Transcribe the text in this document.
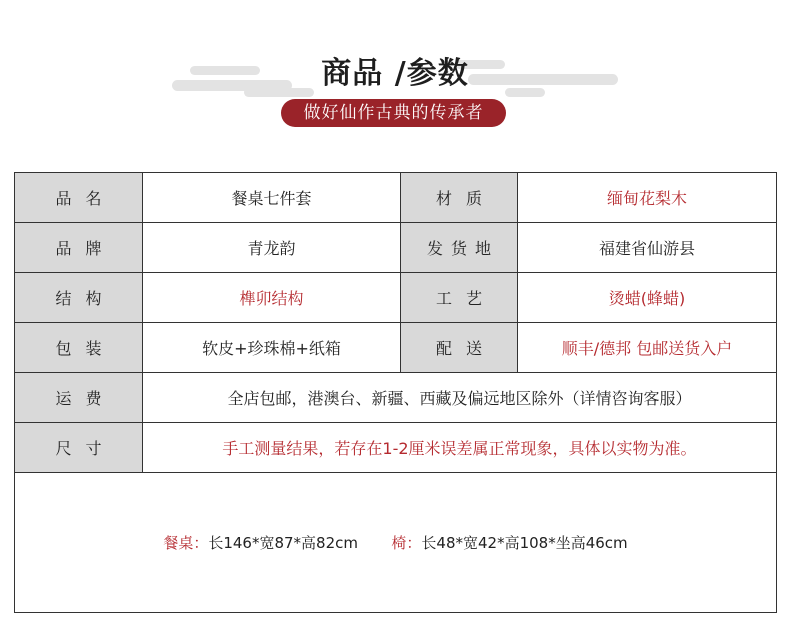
商品 /参数
做好仙作古典的传承者
品名	餐桌七件套	材质	缅甸花梨木
品牌	青龙韵	发货地	福建省仙游县
结构	榫卯结构	工艺	烫蜡(蜂蜡)
包装	软皮+珍珠棉+纸箱	配送	顺丰/德邦 包邮送货入户
运费	全店包邮，港澳台、新疆、西藏及偏远地区除外（详情咨询客服）		
尺寸	手工测量结果，若存在1-2厘米误差属正常现象，具体以实物为准。		
餐桌：长146*宽87*高82cm 椅：长48*宽42*高108*坐高46cm			
